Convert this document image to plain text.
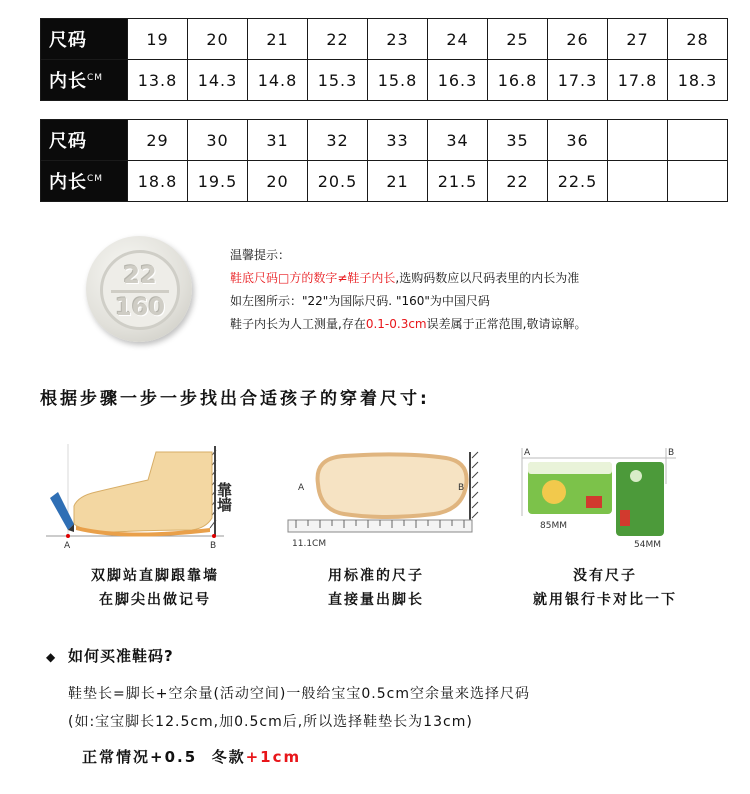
尺码	19	20	21	22	23	24	25	26	27	28
内长$^{CM}$	13.8	14.3	14.8	15.3	15.8	16.3	16.8	17.3	17.8	18.3
尺码	29	30	31	32	33	34	35	36		
内长$^{CM}$	18.8	19.5	20	20.5	21	21.5	22	22.5		
22
160
温馨提示：
鞋底尺码□方的数字≠鞋子内长,选购码数应以尺码表里的内长为准
如左图所示："22"为国际尺码. "160"为中国尺码
鞋子内长为人工测量,存在0.1-0.3cm误差属于正常范围,敬请谅解。
根据步骤一步一步找出合适孩子的穿着尺寸:
A	B
靠墙	A	B
11.1CM
A	B
85MM
54MM
双脚站直脚跟靠墙
在脚尖出做记号
用标准的尺子
直接量出脚长
没有尺子
就用银行卡对比一下
◆ 如何买准鞋码?
鞋垫长=脚长+空余量(活动空间)一般给宝宝0.5cm空余量来选择尺码
(如:宝宝脚长12.5cm,加0.5cm后,所以选择鞋垫长为13cm)
正常情况+0.5  冬款+1cm
